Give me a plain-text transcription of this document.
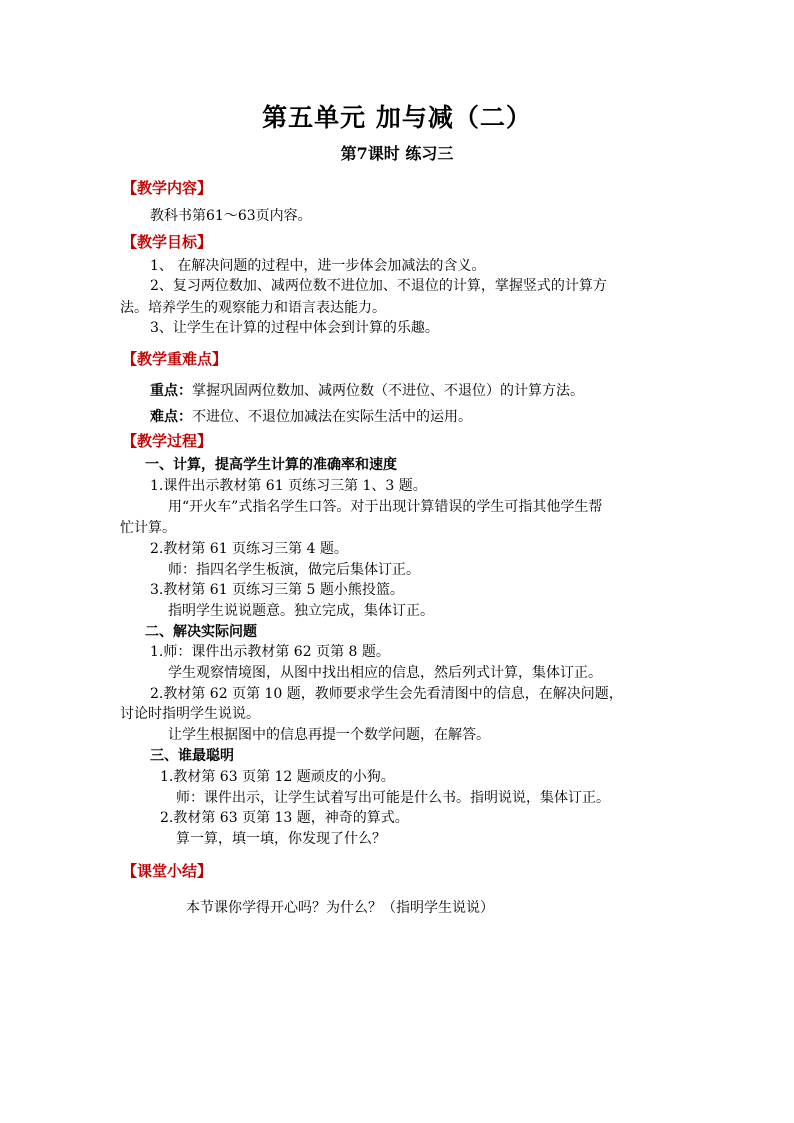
第五单元 加与减（二）
第7课时 练习三
【教学内容】
教科书第61～63页内容。
【教学目标】
1、 在解决问题的过程中，进一步体会加减法的含义。
2、复习两位数加、减两位数不进位加、不退位的计算，掌握竖式的计算方
法。培养学生的观察能力和语言表达能力。
3、让学生在计算的过程中体会到计算的乐趣。
【教学重难点】
重点：掌握巩固两位数加、减两位数（不进位、不退位）的计算方法。
难点：不进位、不退位加减法在实际生活中的运用。
【教学过程】
一、计算，提高学生计算的准确率和速度
1.课件出示教材第 61 页练习三第 1、3 题。
用“开火车”式指名学生口答。对于出现计算错误的学生可指其他学生帮
忙计算。
2.教材第 61 页练习三第 4 题。
师：指四名学生板演，做完后集体订正。
3.教材第 61 页练习三第 5 题小熊投篮。
指明学生说说题意。独立完成，集体订正。
二、解决实际问题
1.师：课件出示教材第 62 页第 8 题。
学生观察情境图，从图中找出相应的信息，然后列式计算，集体订正。
2.教材第 62 页第 10 题，教师要求学生会先看清图中的信息，在解决问题，
讨论时指明学生说说。
让学生根据图中的信息再提一个数学问题，在解答。
三、谁最聪明
1.教材第 63 页第 12 题顽皮的小狗。
师：课件出示，让学生试着写出可能是什么书。指明说说，集体订正。
2.教材第 63 页第 13 题，神奇的算式。
算一算，填一填，你发现了什么？
【课堂小结】
本节课你学得开心吗？为什么？（指明学生说说）
